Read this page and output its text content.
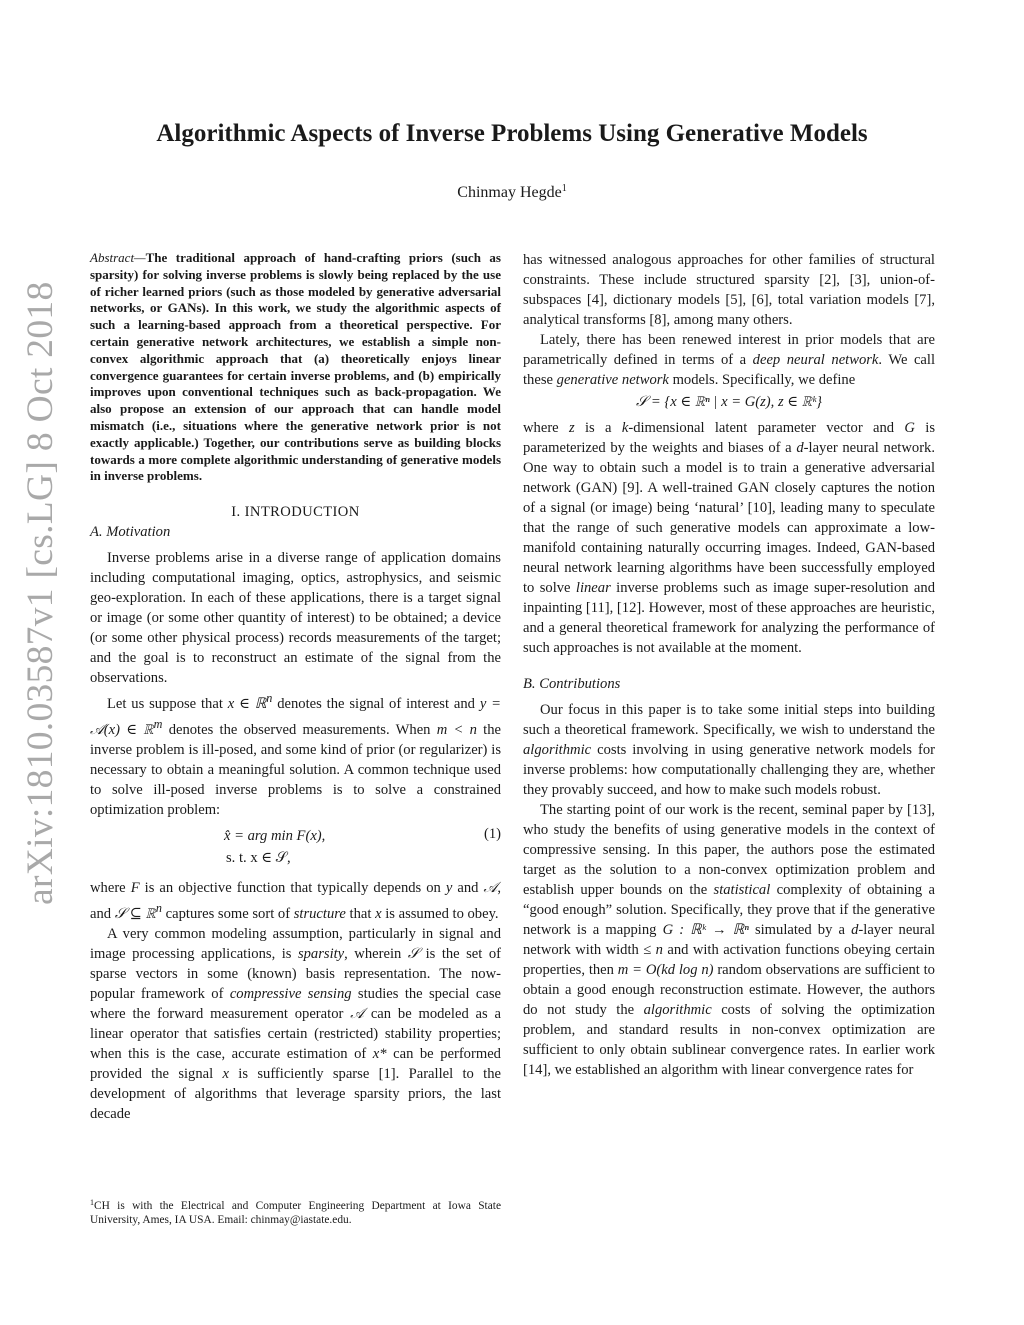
arXiv:1810.03587v1 [cs.LG] 8 Oct 2018
Algorithmic Aspects of Inverse Problems Using Generative Models
Chinmay Hegde$^1$

Abstract—The traditional approach of hand-crafting priors (such as sparsity) for solving inverse problems is slowly being replaced by the use of richer learned priors (such as those modeled by generative adversarial networks, or GANs). In this work, we study the algorithmic aspects of such a learning-based approach from a theoretical perspective. For certain generative network architectures, we establish a simple non-convex algorithmic approach that (a) theoretically enjoys linear convergence guarantees for certain inverse problems, and (b) empirically improves upon conventional techniques such as back-propagation. We also propose an extension of our approach that can handle model mismatch (i.e., situations where the generative network prior is not exactly applicable.) Together, our contributions serve as building blocks towards a more complete algorithmic understanding of generative models in inverse problems.

I. INTRODUCTION
A. Motivation

Inverse problems arise in a diverse range of application domains including computational imaging, optics, astrophysics, and seismic geo-exploration. In each of these applications, there is a target signal or image (or some other quantity of interest) to be obtained; a device (or some other physical process) records measurements of the target; and the goal is to reconstruct an estimate of the signal from the observations.

Let us suppose that x ∈ ℝ$^n$ denotes the signal of interest and y = 𝒜(x) ∈ ℝ$^m$ denotes the observed measurements. When m < n the inverse problem is ill-posed, and some kind of prior (or regularizer) is necessary to obtain a meaningful solution. A common technique used to solve ill-posed inverse problems is to solve a constrained optimization problem:

x̂ = arg min F(x),
s. t. x ∈ 𝒮,
(1)

where F is an objective function that typically depends on y and 𝒜, and 𝒮 ⊆ ℝ$^n$ captures some sort of structure that x is assumed to obey.

A very common modeling assumption, particularly in signal and image processing applications, is sparsity, wherein 𝒮 is the set of sparse vectors in some (known) basis representation. The now-popular framework of compressive sensing studies the special case where the forward measurement operator 𝒜 can be modeled as a linear operator that satisfies certain (restricted) stability properties; when this is the case, accurate estimation of x* can be performed provided the signal x is sufficiently sparse [1]. Parallel to the development of algorithms that leverage sparsity priors, the last decade

$^1$CH is with the Electrical and Computer Engineering Department at Iowa State University, Ames, IA USA. Email: chinmay@iastate.edu.

has witnessed analogous approaches for other families of structural constraints. These include structured sparsity [2], [3], union-of-subspaces [4], dictionary models [5], [6], total variation models [7], analytical transforms [8], among many others.

Lately, there has been renewed interest in prior models that are parametrically defined in terms of a deep neural network. We call these generative network models. Specifically, we define

𝒮 = {x ∈ ℝⁿ | x = G(z), z ∈ ℝᵏ}

where z is a k-dimensional latent parameter vector and G is parameterized by the weights and biases of a d-layer neural network. One way to obtain such a model is to train a generative adversarial network (GAN) [9]. A well-trained GAN closely captures the notion of a signal (or image) being ‘natural’ [10], leading many to speculate that the range of such generative models can approximate a low-manifold containing naturally occurring images. Indeed, GAN-based neural network learning algorithms have been successfully employed to solve linear inverse problems such as image super-resolution and inpainting [11], [12]. However, most of these approaches are heuristic, and a general theoretical framework for analyzing the performance of such approaches is not available at the moment.

B. Contributions

Our focus in this paper is to take some initial steps into building such a theoretical framework. Specifically, we wish to understand the algorithmic costs involving in using generative network models for inverse problems: how computationally challenging they are, whether they provably succeed, and how to make such models robust.

The starting point of our work is the recent, seminal paper by [13], who study the benefits of using generative models in the context of compressive sensing. In this paper, the authors pose the estimated target as the solution to a non-convex optimization problem and establish upper bounds on the statistical complexity of obtaining a “good enough” solution. Specifically, they prove that if the generative network is a mapping G : ℝᵏ → ℝⁿ simulated by a d-layer neural network with width ≤ n and with activation functions obeying certain properties, then m = O(kd log n) random observations are sufficient to obtain a good enough reconstruction estimate. However, the authors do not study the algorithmic costs of solving the optimization problem, and standard results in non-convex optimization are sufficient to only obtain sublinear convergence rates. In earlier work [14], we established an algorithm with linear convergence rates for
